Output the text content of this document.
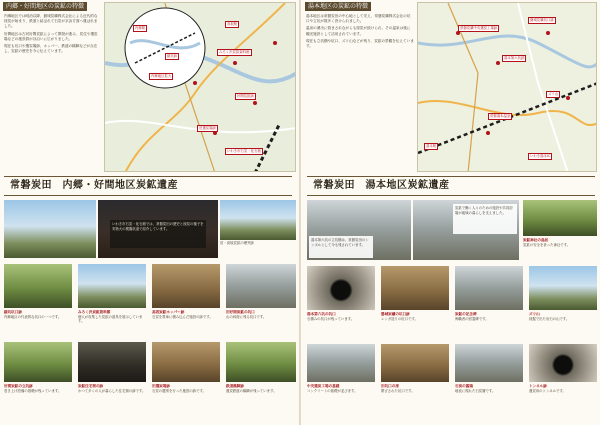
内郷・好間地区の炭鉱の特徴

内郷地区では明治以降、磐城炭礦株式会社による近代的な採炭が始まり、鉄道と結ばれて石炭が京浜方面へ運ばれました。

好間地区は古河好間炭鉱によって開発が進み、炭住や選炭場などの施設群が谷沿いに広がりました。

現在も坑口や選炭場跡、ホッパー、鉄道の橋脚などが点在し、炭鉱の歴史を今に伝えています。

内郷地区拡大
内郷駅
綴坑跡
高坂駅
みろく沢炭鉱資料館
好間炭鉱跡
旧選炭場跡
いわき市石炭・化石館
常磐炭田　内郷・好間地区炭鉱遺産
いわき市石炭・化石館では、常磐炭田の歴史と採炭の様子を実物大の模擬坑道で紹介しています。
旧・高坂炭鉱の煙突跡
綴坑坑口跡
内郷地区の代表的な坑口の一つです。
みろく沢炭鉱資料館
個人が収集した炭鉱の道具を展示しています。
高坂炭鉱ホッパー跡
石炭を貨車に積み込んだ施設の跡です。
旧好間炭鉱の坑口
山の斜面に残る坑口です。
好間炭鉱の立坑跡
巻き上げ設備の基礎が残っています。
炭鉱住宅街の跡
かつて多くの人が暮らした住宅街の跡です。
旧選炭場跡
石炭の選別を行った施設の跡です。
鉄道橋脚跡
運炭鉄道の橋脚が残っています。
湯本地区の炭鉱の特徴

湯本地区は常磐炭田の中心地として栄え、常磐炭礦株式会社の坑口や立坑が数多く設けられました。

温泉の湧出に悩まされながらも採炭が続けられ、その温泉は後に観光施設として活用されています。

現在も立坑櫓や坑口、ズリ山などが残り、炭鉱の景観を伝えています。

湯本駅
常磐炭礦中央選炭工場跡
湯本第六坑跡
磐城炭礦坑口跡
ズリ山
常磐湯本温泉
いわき湯本IC
常磐炭田　湯本地区炭鉱遺産
湯本第六坑の立坑櫓は、常磐炭田のシンボルとして今も残されています。
炭鉱で働く人々のための施設や共同浴場が地域の暮らしを支えました。
炭鉱神社の鳥居
炭鉱の安全を祈った神社です。
湯本第六坑の坑口
石積みの坑口が残っています。
磐城炭礦の坑口跡
レンガ造りの坑口です。
炭鉱の記念碑
殉職者の慰霊碑です。
ズリ山
採掘で出た岩石の山です。
中央選炭工場の基礎
コンクリートの基礎が並びます。
旧坑口の扉
閉ざされた坑口です。
石炭の露頭
地表に現れた石炭層です。
トンネル跡
運炭用のトンネルです。
